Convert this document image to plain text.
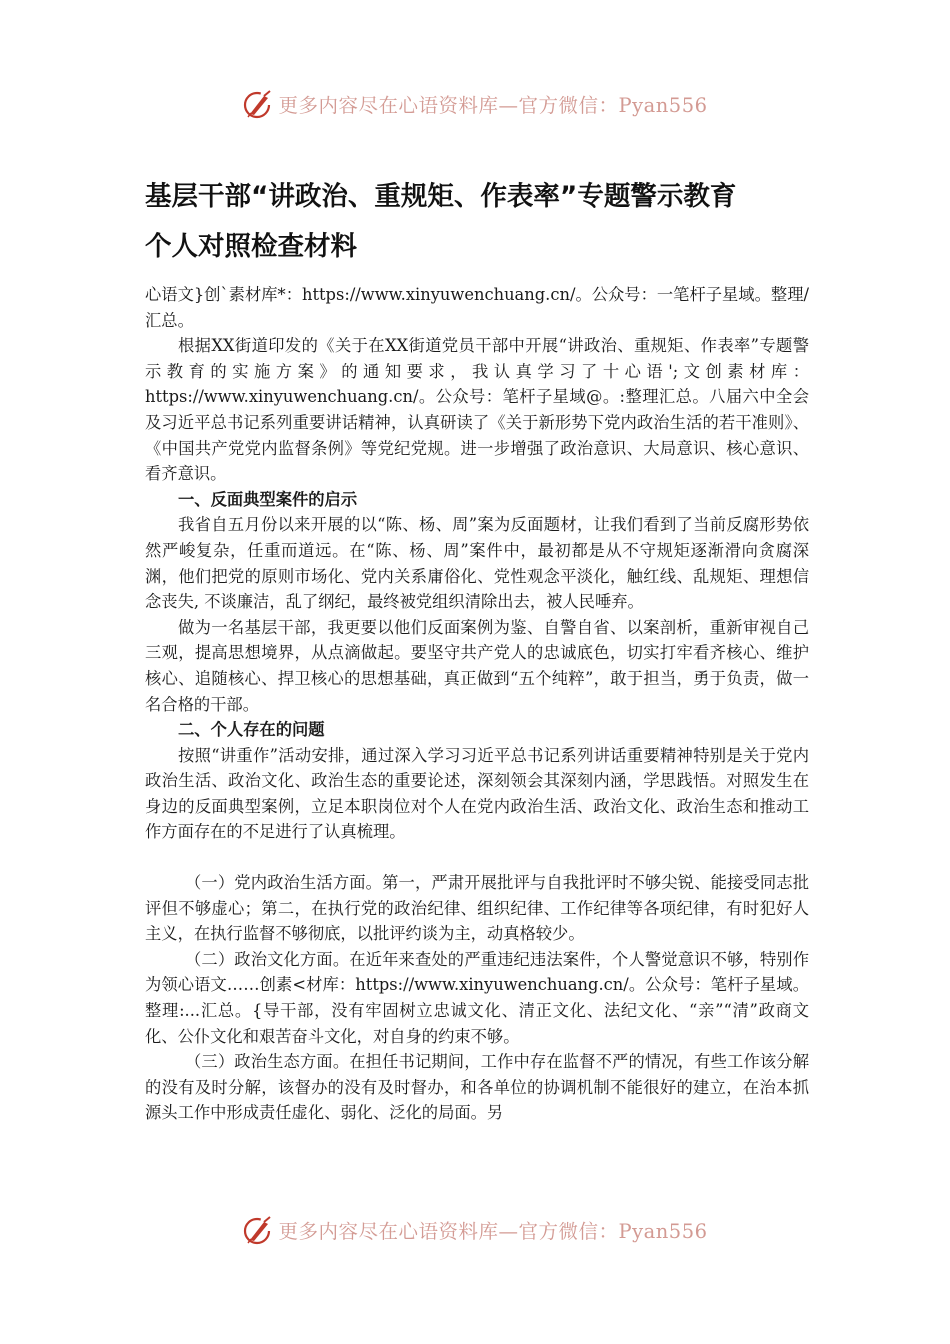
更多内容尽在心语资料库—官方微信：Pyan556
基层干部“讲政治、重规矩、作表率”专题警示教育
个人对照检查材料

心语文}创`素材库*：https://www.xinyuwenchuang.cn/。公众号：一笔杆子星域。整理/汇总。

根据XX街道印发的《关于在XX街道党员干部中开展“讲政治、重规矩、作表率”专题警示教育的实施方案》的通知要求，我认真学习了十心语';文创素材库：https://www.xinyuwenchuang.cn/。公众号：笔杆子星域@。:整理汇总。八届六中全会及习近平总书记系列重要讲话精神，认真研读了《关于新形势下党内政治生活的若干准则》、《中国共产党党内监督条例》等党纪党规。进一步增强了政治意识、大局意识、核心意识、看齐意识。

一、反面典型案件的启示

我省自五月份以来开展的以“陈、杨、周”案为反面题材，让我们看到了当前反腐形势依然严峻复杂，任重而道远。在“陈、杨、周”案件中，最初都是从不守规矩逐渐滑向贪腐深渊，他们把党的原则市场化、党内关系庸俗化、党性观念平淡化，触红线、乱规矩、理想信念丧失, 不谈廉洁，乱了纲纪，最终被党组织清除出去，被人民唾弃。

做为一名基层干部，我更要以他们反面案例为鉴、自警自省、以案剖析，重新审视自己三观，提高思想境界，从点滴做起。要坚守共产党人的忠诚底色，切实打牢看齐核心、维护核心、追随核心、捍卫核心的思想基础，真正做到“五个纯粹”，敢于担当，勇于负责，做一名合格的干部。

二、个人存在的问题

按照“讲重作”活动安排，通过深入学习习近平总书记系列讲话重要精神特别是关于党内政治生活、政治文化、政治生态的重要论述，深刻领会其深刻内涵，学思践悟。对照发生在身边的反面典型案例，立足本职岗位对个人在党内政治生活、政治文化、政治生态和推动工作方面存在的不足进行了认真梳理。

（一）党内政治生活方面。第一，严肃开展批评与自我批评时不够尖锐、能接受同志批评但不够虚心；第二，在执行党的政治纪律、组织纪律、工作纪律等各项纪律，有时犯好人主义，在执行监督不够彻底，以批评约谈为主，动真格较少。

（二）政治文化方面。在近年来查处的严重违纪违法案件，个人警觉意识不够，特别作为领心语文……创素<材库：https://www.xinyuwenchuang.cn/。公众号：笔杆子星域。整理:...汇总。{导干部，没有牢固树立忠诚文化、清正文化、法纪文化、“亲”“清”政商文化、公仆文化和艰苦奋斗文化，对自身的约束不够。

（三）政治生态方面。在担任书记期间，工作中存在监督不严的情况，有些工作该分解的没有及时分解，该督办的没有及时督办，和各单位的协调机制不能很好的建立，在治本抓源头工作中形成责任虚化、弱化、泛化的局面。另

更多内容尽在心语资料库—官方微信：Pyan556
